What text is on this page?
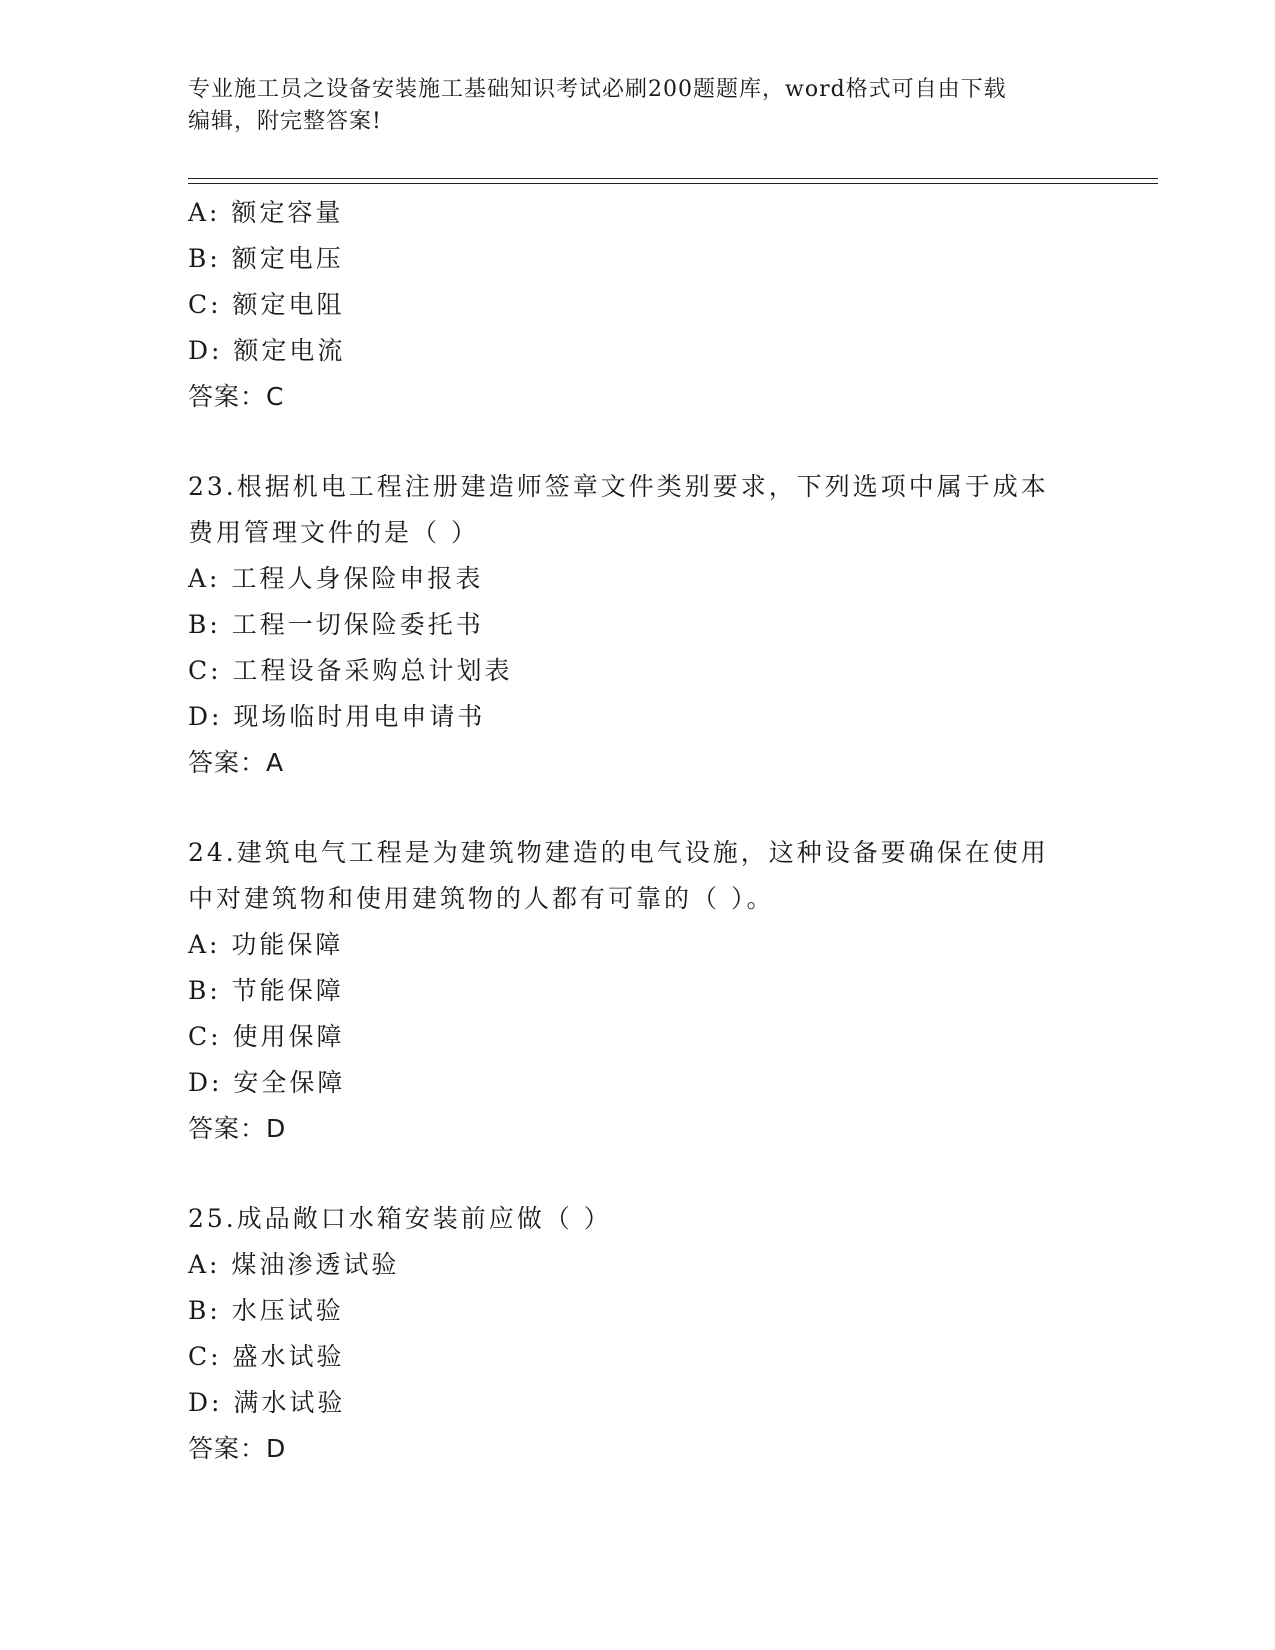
专业施工员之设备安装施工基础知识考试必刷200题题库，word格式可自由下载
编辑，附完整答案!
A: 额定容量
B: 额定电压
C: 额定电阻
D: 额定电流
答案：C
23.根据机电工程注册建造师签章文件类别要求，下列选项中属于成本
费用管理文件的是（ ）
A: 工程人身保险申报表
B: 工程一切保险委托书
C: 工程设备采购总计划表
D: 现场临时用电申请书
答案：A
24.建筑电气工程是为建筑物建造的电气设施，这种设备要确保在使用
中对建筑物和使用建筑物的人都有可靠的（ ）。
A: 功能保障
B: 节能保障
C: 使用保障
D: 安全保障
答案：D
25.成品敞口水箱安装前应做（ ）
A: 煤油渗透试验
B: 水压试验
C: 盛水试验
D: 满水试验
答案：D
